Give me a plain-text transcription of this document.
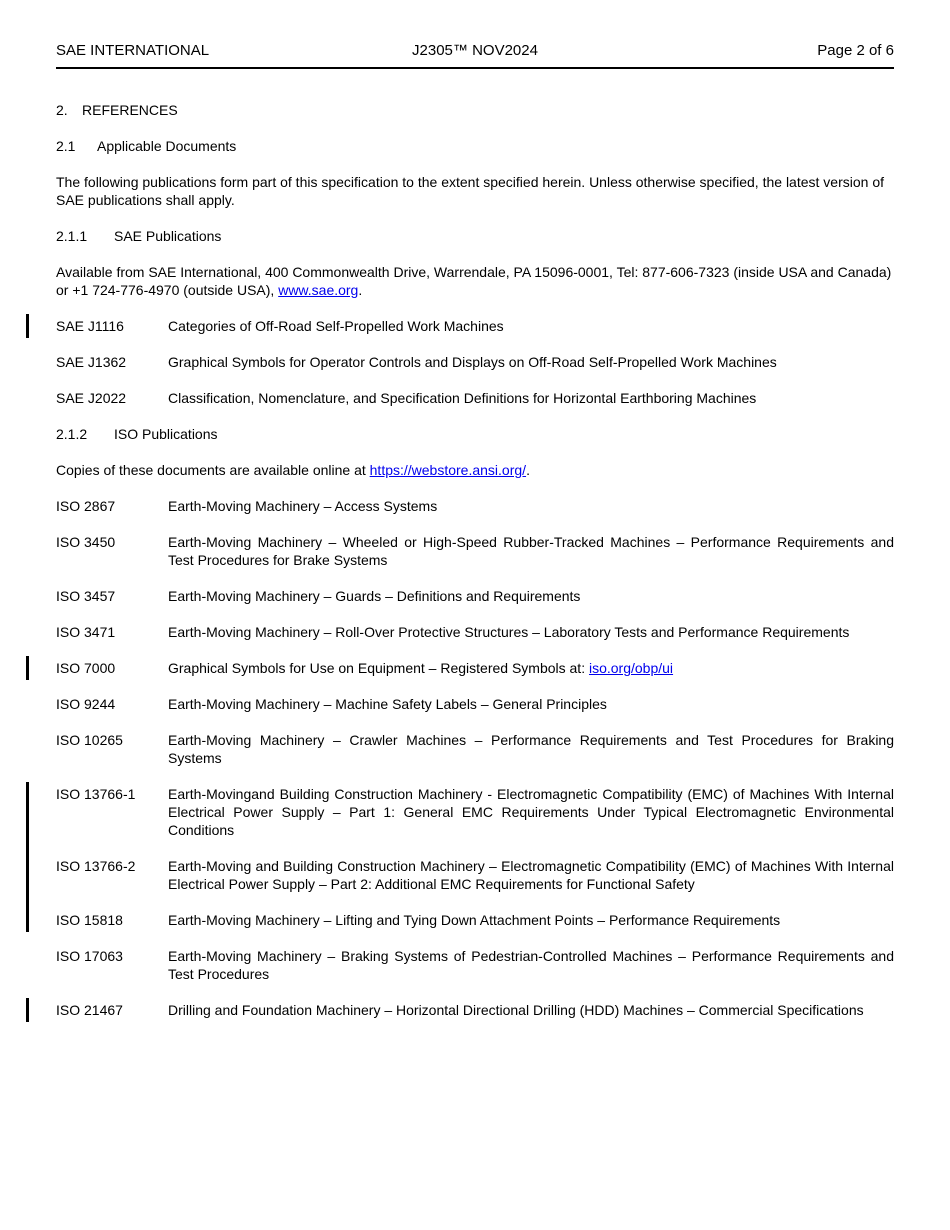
SAE INTERNATIONAL	J2305™ NOV2024	Page 2 of 6
2.	REFERENCES
2.1	Applicable Documents

The following publications form part of this specification to the extent specified herein. Unless otherwise specified, the latest version of SAE publications shall apply.

2.1.1	SAE Publications

Available from SAE International, 400 Commonwealth Drive, Warrendale, PA 15096-0001, Tel: 877-606-7323 (inside USA and Canada) or +1 724-776-4970 (outside USA), www.sae.org.

SAE J1116	Categories of Off-Road Self-Propelled Work Machines
SAE J1362	Graphical Symbols for Operator Controls and Displays on Off-Road Self-Propelled Work Machines
SAE J2022	Classification, Nomenclature, and Specification Definitions for Horizontal Earthboring Machines
2.1.2	ISO Publications

Copies of these documents are available online at https://webstore.ansi.org/.

ISO 2867	Earth-Moving Machinery – Access Systems
ISO 3450	Earth-Moving Machinery – Wheeled or High-Speed Rubber-Tracked Machines – Performance Requirements and Test Procedures for Brake Systems
ISO 3457	Earth-Moving Machinery – Guards – Definitions and Requirements
ISO 3471	Earth-Moving Machinery – Roll-Over Protective Structures – Laboratory Tests and Performance Requirements
ISO 7000	Graphical Symbols for Use on Equipment – Registered Symbols at: iso.org/obp/ui
ISO 9244	Earth-Moving Machinery – Machine Safety Labels – General Principles
ISO 10265	Earth-Moving Machinery – Crawler Machines – Performance Requirements and Test Procedures for Braking Systems
ISO 13766-1	Earth-Movingand Building Construction Machinery - Electromagnetic Compatibility (EMC) of Machines With Internal Electrical Power Supply – Part 1: General EMC Requirements Under Typical Electromagnetic Environmental Conditions
ISO 13766-2	Earth-Moving and Building Construction Machinery – Electromagnetic Compatibility (EMC) of Machines With Internal Electrical Power Supply – Part 2: Additional EMC Requirements for Functional Safety
ISO 15818	Earth-Moving Machinery – Lifting and Tying Down Attachment Points – Performance Requirements
ISO 17063	Earth-Moving Machinery – Braking Systems of Pedestrian-Controlled Machines – Performance Requirements and Test Procedures
ISO 21467	Drilling and Foundation Machinery – Horizontal Directional Drilling (HDD) Machines – Commercial Specifications
